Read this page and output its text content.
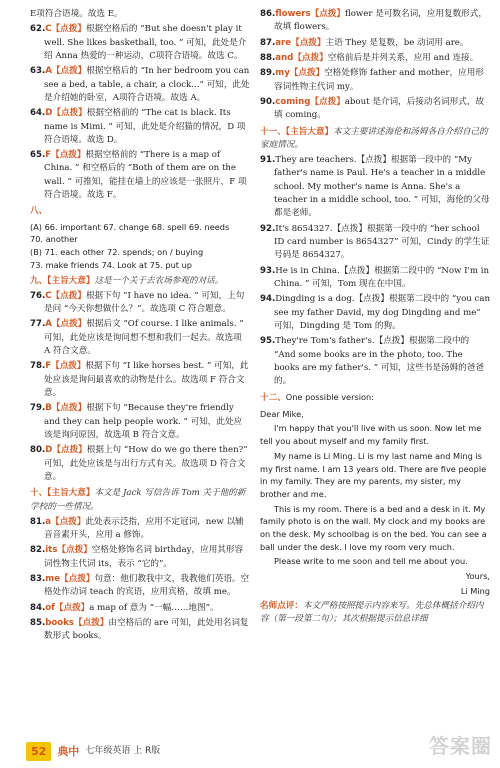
E项符合语境。故选 E。
62.C【点拨】根据空格后的 “But she doesn't play it well. She likes basketball, too. ” 可知，此处是介绍 Anna 热爱的一种运动，C项符合语境。故选 C。
63.A【点拨】根据空格后的 “In her bedroom you can see a bed, a table, a chair, a clock...” 可知，此处是介绍她的卧室，A项符合语境。故选 A。
64.D【点拨】根据空格前的 “The cat is black. Its name is Mimi. ” 可知，此处是介绍猫的情况，D 项符合语境。故选 D。
65.F【点拨】根据空格前的 “There is a map of China. ” 和空格后的 “Both of them are on the wall. ” 可推知，能挂在墙上的应该是一张照片，F 项符合语境。故选 F。
八、
(A) 66. important 67. change 68. spell 69. needs
70. another
(B) 71. each other 72. spends; on / buying
73. make friends 74. Look at 75. put up
九、【主旨大意】这是一个关于去农场参观的对话。
76.C【点拨】根据下句 “I have no idea. ” 可知，上句是问 “今天你想做什么？”。故选项 C 符合题意。
77.A【点拨】根据后文 “Of course. I like animals. ” 可知，此处应该是询问想不想和我们一起去。故选项 A 符合文意。
78.F【点拨】根据下句 “I like horses best. ” 可知，此处应该是询问最喜欢的动物是什么。故选项 F 符合文意。
79.B【点拨】根据下句 “Because they're friendly and they can help people work. ” 可知，此处应该是询问原因，故选项 B 符合文意。
80.D【点拨】根据上句 “How do we go there then?” 可知，此处应该是与出行方式有关。故选项 D 符合文意。
十、【主旨大意】本文是 Jack 写信告诉 Tom 关于他的新学校的一些情况。
81.a【点拨】此处表示泛指，应用不定冠词，new 以辅音音素开头，应用 a 修饰。
82.its【点拨】空格处修饰名词 birthday，应用其形容词性物主代词 its，表示 “它的”。
83.me【点拨】句意：他们教我中文，我教他们英语。空格处作动词 teach 的宾语，应用宾格，故填 me。
84.of【点拨】a map of 意为 “一幅……地图”。
85.books【点拨】由空格后的 are 可知，此处用名词复数形式 books。
86.flowers【点拨】flower 是可数名词，应用复数形式，故填 flowers。
87.are【点拨】主语 They 是复数，be 动词用 are。
88.and【点拨】空格前后是并列关系，应用 and 连接。
89.my【点拨】空格处修饰 father and mother，应用形容词性物主代词 my。
90.coming【点拨】about 是介词，后接动名词形式，故填 coming。
十一、【主旨大意】本文主要讲述海伦和汤姆各自介绍自己的家庭情况。
91.They are teachers.【点拨】根据第一段中的 “My father's name is Paul. He's a teacher in a middle school. My mother's name is Anna. She's a teacher in a middle school, too. ” 可知，海伦的父母都是老师。
92.It's 8654327.【点拨】根据第一段中的 “her school ID card number is 8654327” 可知，Cindy 的学生证号码是 8654327。
93.He is in China.【点拨】根据第二段中的 “Now I'm in China. ” 可知，Tom 现在在中国。
94.Dingding is a dog.【点拨】根据第二段中的 “you can see my father David, my dog Dingding and me” 可知，Dingding 是 Tom 的狗。
95.They're Tom's father's.【点拨】根据第二段中的 “And some books are in the photo, too. The books are my father's. ” 可知，这些书是汤姆的爸爸的。
十二、One possible version:

Dear Mike,

I'm happy that you'll live with us soon. Now let me tell you about myself and my family first.

My name is Li Ming. Li is my last name and Ming is my first name. I am 13 years old. There are five people in my family. They are my parents, my sister, my brother and me.

This is my room. There is a bed and a desk in it. My family photo is on the wall. My clock and my books are on the desk. My schoolbag is on the bed. You can see a ball under the desk. I love my room very much.

Please write to me soon and tell me about you.

Yours,

Li Ming

名师点评：本文严格按照提示内容来写。先总体概括介绍内容（第一段第二句）；其次根据提示信息详细
52	典中 七年级英语 上 R版	答案圈
